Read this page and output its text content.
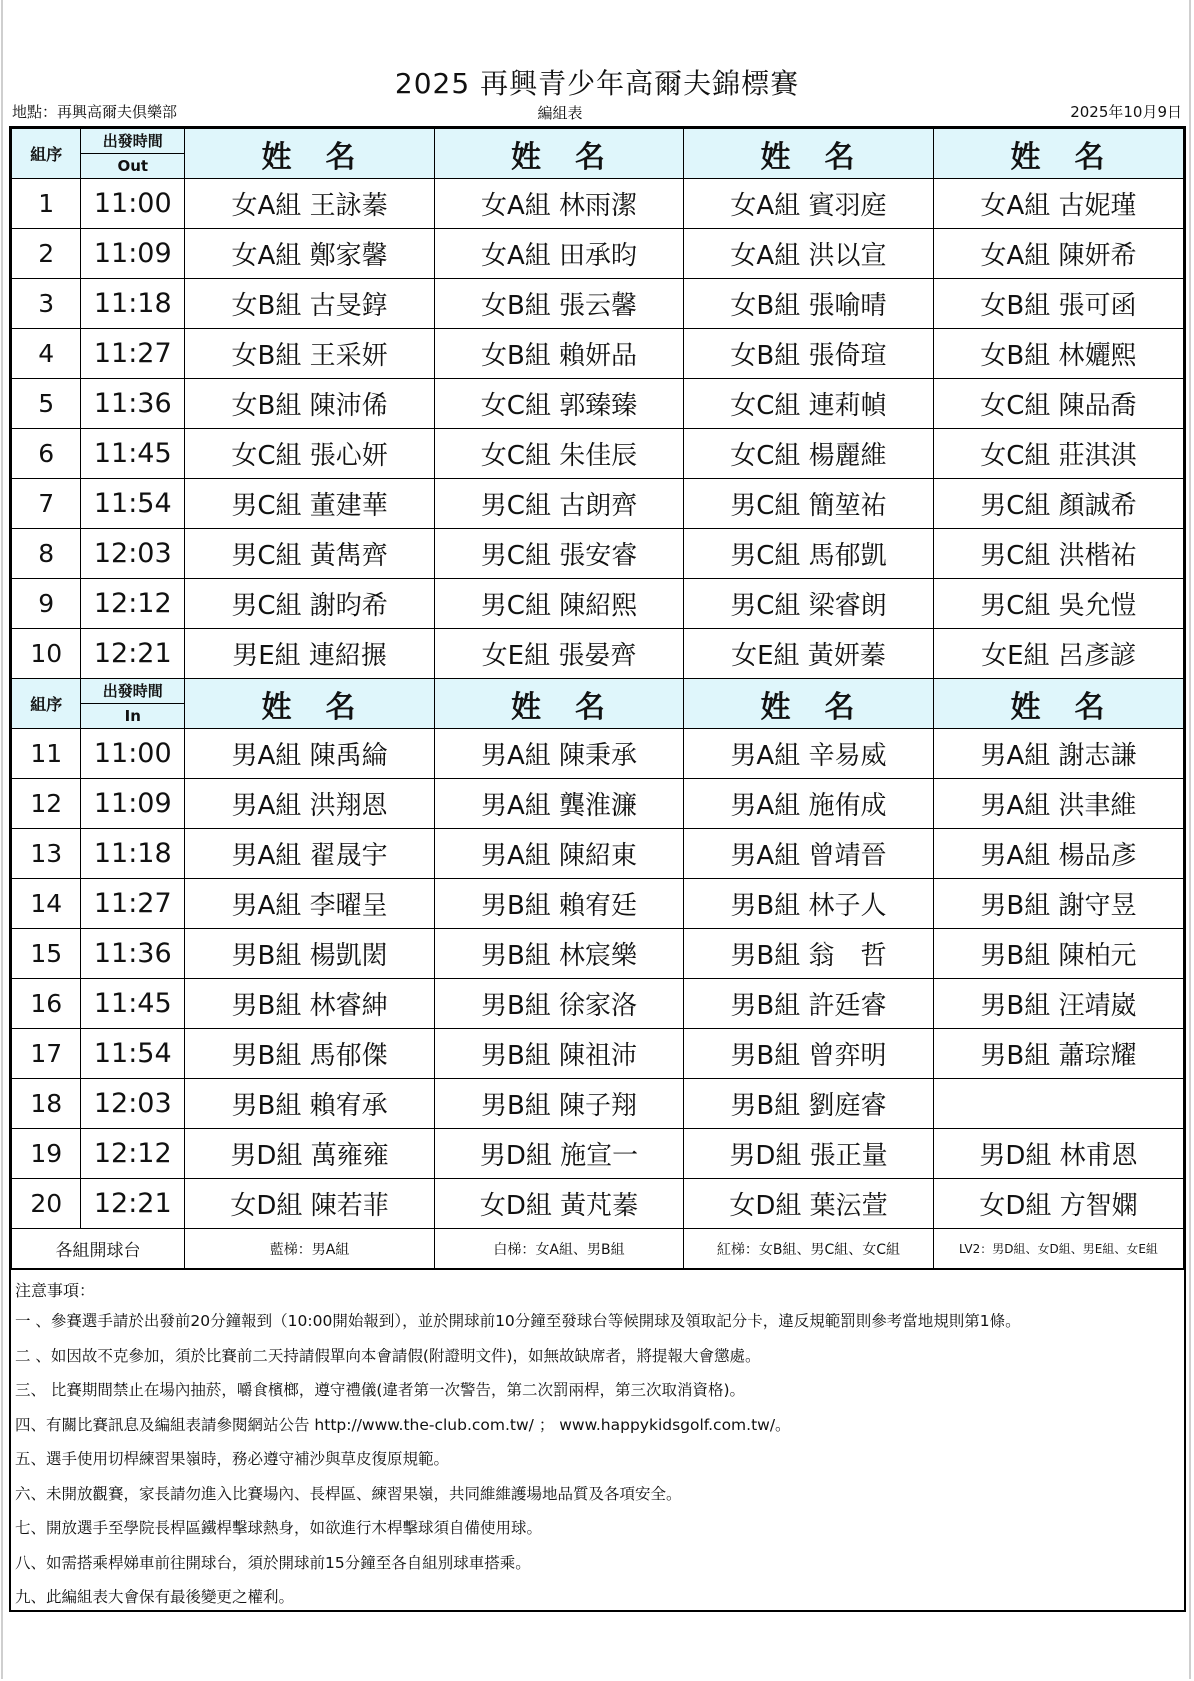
2025 再興青少年高爾夫錦標賽
地點：再興高爾夫俱樂部	編組表	2025年10月9日
組序	出發時間
Out	姓　名	姓　名	姓　名	姓　名
1	11:00	女A組 王詠蓁	女A組 林雨潔	女A組 賓羽庭	女A組 古妮瑾
2	11:09	女A組 鄭家馨	女A組 田承昀	女A組 洪以宣	女A組 陳妍希
3	11:18	女B組 古旻錞	女B組 張云馨	女B組 張喻晴	女B組 張可函
4	11:27	女B組 王采妍	女B組 賴妍品	女B組 張倚瑄	女B組 林孋熙
5	11:36	女B組 陳沛俙	女C組 郭臻臻	女C組 連莉幀	女C組 陳品喬
6	11:45	女C組 張心妍	女C組 朱佳辰	女C組 楊麗維	女C組 莊淇淇
7	11:54	男C組 董建華	男C組 古朗齊	男C組 簡堃祐	男C組 顏誠希
8	12:03	男C組 黃雋齊	男C組 張安睿	男C組 馬郁凱	男C組 洪楷祐
9	12:12	男C組 謝昀希	男C組 陳紹熙	男C組 梁睿朗	男C組 吳允愷
10	12:21	男E組 連紹搌	女E組 張晏齊	女E組 黃妍蓁	女E組 呂彥諺
組序	出發時間
In	姓　名	姓　名	姓　名	姓　名
11	11:00	男A組 陳禹綸	男A組 陳秉承	男A組 辛易威	男A組 謝志謙
12	11:09	男A組 洪翔恩	男A組 龔淮濂	男A組 施侑成	男A組 洪聿維
13	11:18	男A組 翟晟宇	男A組 陳紹東	男A組 曾靖晉	男A組 楊品彥
14	11:27	男A組 李曜呈	男B組 賴宥廷	男B組 林子人	男B組 謝守昱
15	11:36	男B組 楊凱閎	男B組 林宸樂	男B組 翁　哲	男B組 陳柏元
16	11:45	男B組 林睿紳	男B組 徐家洛	男B組 許廷睿	男B組 汪靖崴
17	11:54	男B組 馬郁傑	男B組 陳祖沛	男B組 曾弈明	男B組 蕭琮耀
18	12:03	男B組 賴宥承	男B組 陳子翔	男B組 劉庭睿	
19	12:12	男D組 萬雍雍	男D組 施宣一	男D組 張正量	男D組 林甫恩
20	12:21	女D組 陳若菲	女D組 黃芃蓁	女D組 葉沄萱	女D組 方智嫻
各組開球台		藍梯：男A組	白梯：女A組、男B組	紅梯：女B組、男C組、女C組	LV2：男D組、女D組、男E組、女E組
注意事項：
一 、參賽選手請於出發前20分鐘報到（10:00開始報到），並於開球前10分鐘至發球台等候開球及領取記分卡，違反規範罰則參考當地規則第1條。
二 、如因故不克參加，須於比賽前二天持請假單向本會請假(附證明文件)，如無故缺席者，將提報大會懲處。
三、 比賽期間禁止在場內抽菸，嚼食檳榔，遵守禮儀(違者第一次警告，第二次罰兩桿，第三次取消資格)。
四、有關比賽訊息及編組表請參閱網站公告 http://www.the-club.com.tw/ ； www.happykidsgolf.com.tw/。
五、選手使用切桿練習果嶺時，務必遵守補沙與草皮復原規範。
六、未開放觀賽，家長請勿進入比賽場內、長桿區、練習果嶺，共同維維護場地品質及各項安全。
七、開放選手至學院長桿區鐵桿擊球熱身，如欲進行木桿擊球須自備使用球。
八、如需搭乘桿娣車前往開球台，須於開球前15分鐘至各自組別球車搭乘。
九、此編組表大會保有最後變更之權利。
